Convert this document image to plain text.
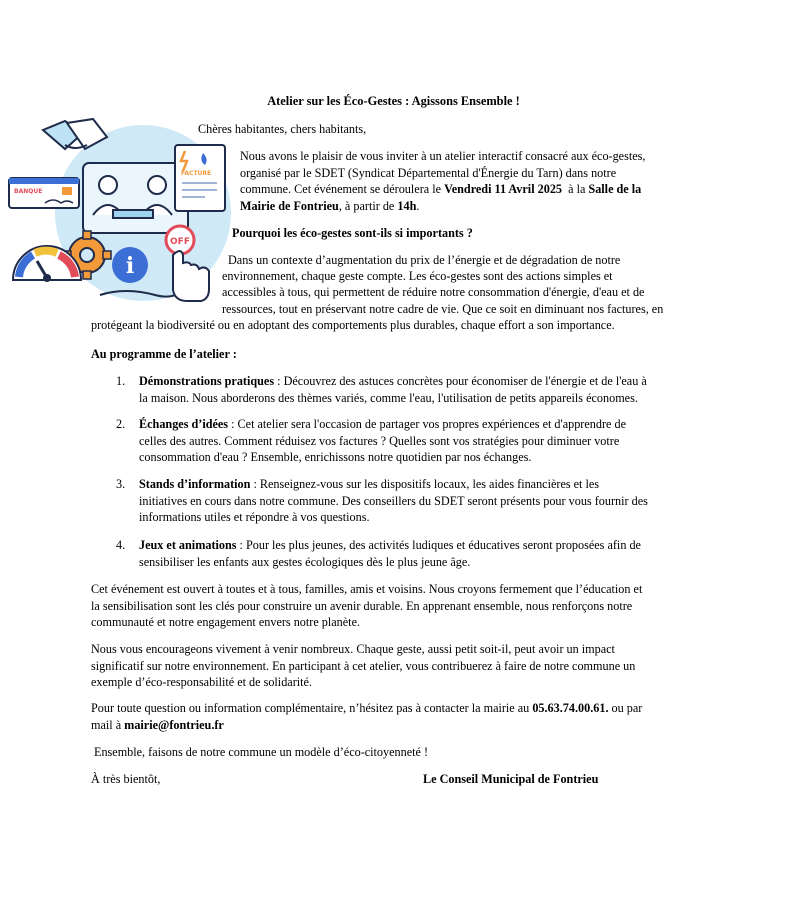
Atelier sur les Éco-Gestes : Agissons Ensemble !
BANQUE
FACTURE
i
OFF
Chères habitantes, chers habitants,
Nous avons le plaisir de vous inviter à un atelier interactif consacré aux éco-gestes,
organisé par le SDET (Syndicat Départemental d'Énergie du Tarn) dans notre
commune. Cet événement se déroulera le Vendredi 11 Avril 2025  à la Salle de la
Mairie de Fontrieu, à partir de 14h.
Pourquoi les éco-gestes sont-ils si importants ?
Dans un contexte d’augmentation du prix de l’énergie et de dégradation de notre
environnement, chaque geste compte. Les éco-gestes sont des actions simples et
accessibles à tous, qui permettent de réduire notre consommation d'énergie, d'eau et de
ressources, tout en préservant notre cadre de vie. Que ce soit en diminuant nos factures, en
protégeant la biodiversité ou en adoptant des comportements plus durables, chaque effort a son importance.
Au programme de l’atelier :
1. Démonstrations pratiques : Découvrez des astuces concrètes pour économiser de l'énergie et de l'eau à
la maison. Nous aborderons des thèmes variés, comme l'eau, l'utilisation de petits appareils économes.
2. Échanges d’idées : Cet atelier sera l'occasion de partager vos propres expériences et d'apprendre de
celles des autres. Comment réduisez vos factures ? Quelles sont vos stratégies pour diminuer votre
consommation d'eau ? Ensemble, enrichissons notre quotidien par nos échanges.
3. Stands d’information : Renseignez-vous sur les dispositifs locaux, les aides financières et les
initiatives en cours dans notre commune. Des conseillers du SDET seront présents pour vous fournir des
informations utiles et répondre à vos questions.
4. Jeux et animations : Pour les plus jeunes, des activités ludiques et éducatives seront proposées afin de
sensibiliser les enfants aux gestes écologiques dès le plus jeune âge.
Cet événement est ouvert à toutes et à tous, familles, amis et voisins. Nous croyons fermement que l’éducation et
la sensibilisation sont les clés pour construire un avenir durable. En apprenant ensemble, nous renforçons notre
communauté et notre engagement envers notre planète.
Nous vous encourageons vivement à venir nombreux. Chaque geste, aussi petit soit-il, peut avoir un impact
significatif sur notre environnement. En participant à cet atelier, vous contribuerez à faire de notre commune un
exemple d’éco-responsabilité et de solidarité.
Pour toute question ou information complémentaire, n’hésitez pas à contacter la mairie au 05.63.74.00.61. ou par
mail à mairie@fontrieu.fr
Ensemble, faisons de notre commune un modèle d’éco-citoyenneté !
À très bientôt,	Le Conseil Municipal de Fontrieu
